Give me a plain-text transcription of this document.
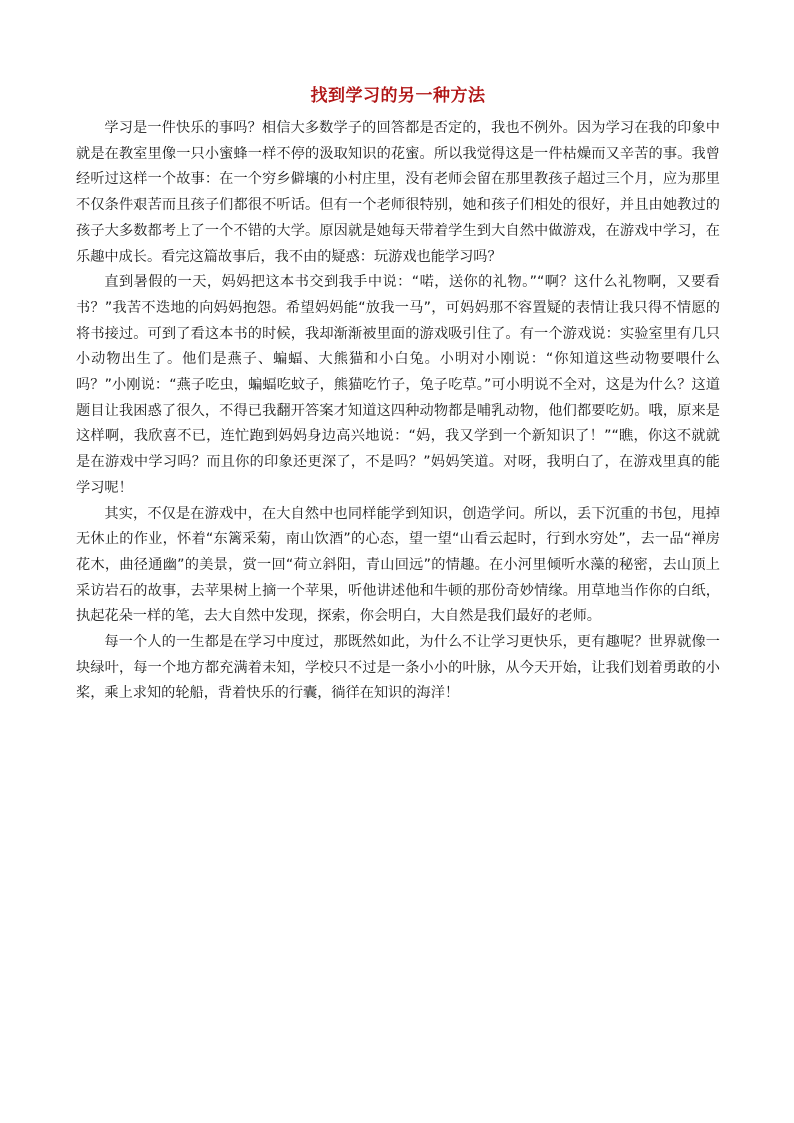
找到学习的另一种方法

学习是一件快乐的事吗？相信大多数学子的回答都是否定的，我也不例外。因为学习在我的印象中就是在教室里像一只小蜜蜂一样不停的汲取知识的花蜜。所以我觉得这是一件枯燥而又辛苦的事。我曾经听过这样一个故事：在一个穷乡僻壤的小村庄里，没有老师会留在那里教孩子超过三个月，应为那里不仅条件艰苦而且孩子们都很不听话。但有一个老师很特别，她和孩子们相处的很好，并且由她教过的孩子大多数都考上了一个不错的大学。原因就是她每天带着学生到大自然中做游戏，在游戏中学习，在乐趣中成长。看完这篇故事后，我不由的疑惑：玩游戏也能学习吗？

直到暑假的一天，妈妈把这本书交到我手中说：“喏，送你的礼物。”“啊？这什么礼物啊，又要看书？”我苦不迭地的向妈妈抱怨。希望妈妈能“放我一马”，可妈妈那不容置疑的表情让我只得不情愿的将书接过。可到了看这本书的时候，我却渐渐被里面的游戏吸引住了。有一个游戏说：实验室里有几只小动物出生了。他们是燕子、蝙蝠、大熊猫和小白兔。小明对小刚说：“你知道这些动物要喂什么吗？”小刚说：“燕子吃虫，蝙蝠吃蚊子，熊猫吃竹子，兔子吃草。”可小明说不全对，这是为什么？这道题目让我困惑了很久，不得已我翻开答案才知道这四种动物都是哺乳动物，他们都要吃奶。哦，原来是这样啊，我欣喜不已，连忙跑到妈妈身边高兴地说：“妈，我又学到一个新知识了！”“瞧，你这不就就是在游戏中学习吗？而且你的印象还更深了，不是吗？”妈妈笑道。对呀，我明白了，在游戏里真的能学习呢！

其实，不仅是在游戏中，在大自然中也同样能学到知识，创造学问。所以，丢下沉重的书包，甩掉无休止的作业，怀着“东篱采菊，南山饮酒”的心态，望一望“山看云起时，行到水穷处”，去一品“禅房花木，曲径通幽”的美景，赏一回“荷立斜阳，青山回远”的情趣。在小河里倾听水藻的秘密，去山顶上采访岩石的故事，去苹果树上摘一个苹果，听他讲述他和牛顿的那份奇妙情缘。用草地当作你的白纸，执起花朵一样的笔，去大自然中发现，探索，你会明白，大自然是我们最好的老师。

每一个人的一生都是在学习中度过，那既然如此，为什么不让学习更快乐，更有趣呢？世界就像一块绿叶，每一个地方都充满着未知，学校只不过是一条小小的叶脉，从今天开始，让我们划着勇敢的小桨，乘上求知的轮船，背着快乐的行囊，徜徉在知识的海洋！
